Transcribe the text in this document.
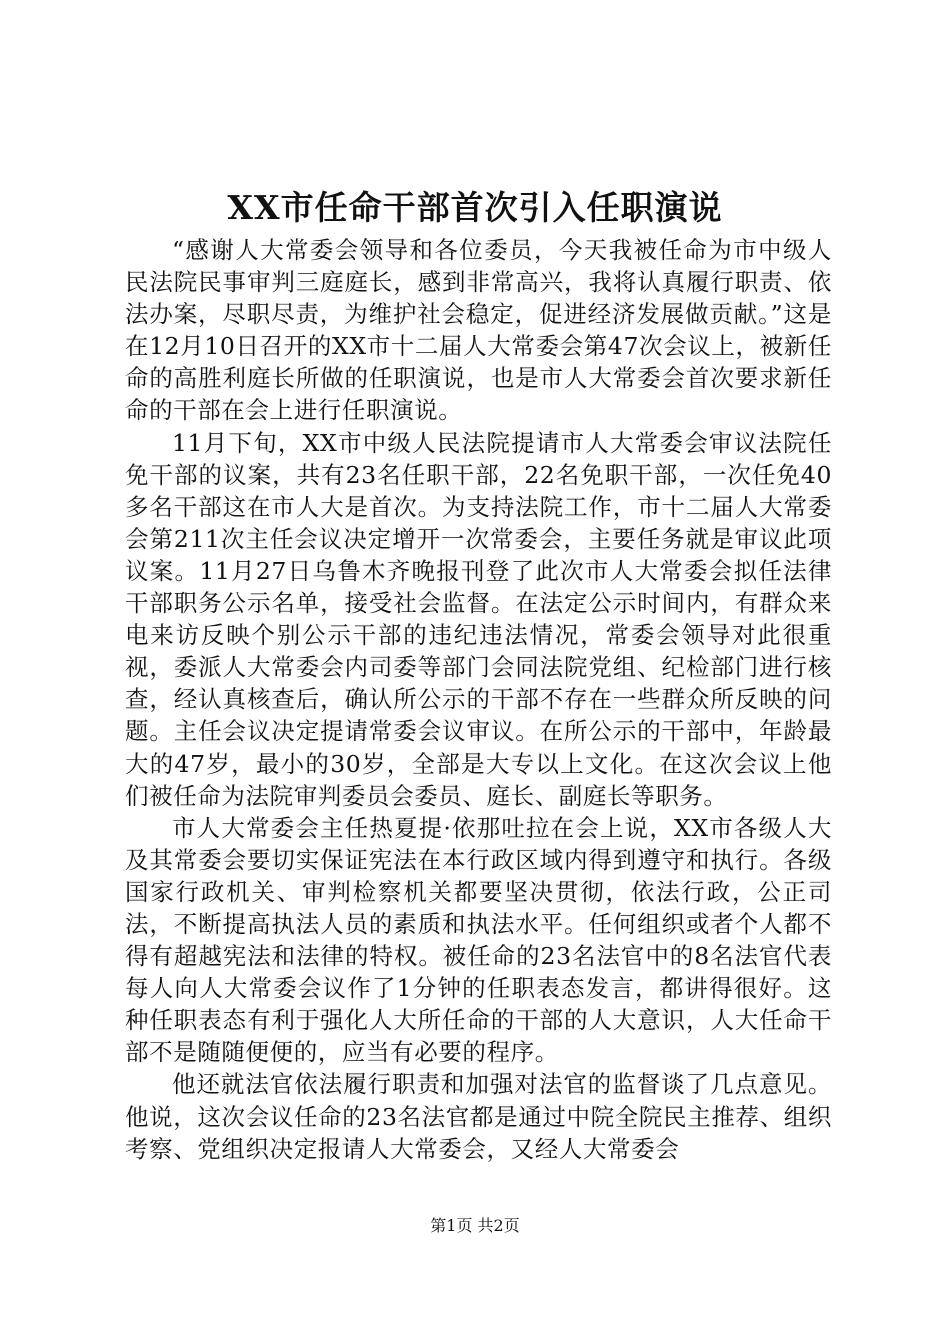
XX市任命干部首次引入任职演说

“感谢人大常委会领导和各位委员，今天我被任命为市中级人民法院民事审判三庭庭长，感到非常高兴，我将认真履行职责、依法办案，尽职尽责，为维护社会稳定，促进经济发展做贡献。”这是在12月10日召开的XX市十二届人大常委会第47次会议上，被新任命的高胜利庭长所做的任职演说，也是市人大常委会首次要求新任命的干部在会上进行任职演说。

11月下旬，XX市中级人民法院提请市人大常委会审议法院任免干部的议案，共有23名任职干部，22名免职干部，一次任免40多名干部这在市人大是首次。为支持法院工作，市十二届人大常委会第211次主任会议决定增开一次常委会，主要任务就是审议此项议案。11月27日乌鲁木齐晚报刊登了此次市人大常委会拟任法律干部职务公示名单，接受社会监督。在法定公示时间内，有群众来电来访反映个别公示干部的违纪违法情况，常委会领导对此很重视，委派人大常委会内司委等部门会同法院党组、纪检部门进行核查，经认真核查后，确认所公示的干部不存在一些群众所反映的问题。主任会议决定提请常委会议审议。在所公示的干部中，年龄最大的47岁，最小的30岁，全部是大专以上文化。在这次会议上他们被任命为法院审判委员会委员、庭长、副庭长等职务。

市人大常委会主任热夏提·依那吐拉在会上说，XX市各级人大及其常委会要切实保证宪法在本行政区域内得到遵守和执行。各级国家行政机关、审判检察机关都要坚决贯彻，依法行政，公正司法，不断提高执法人员的素质和执法水平。任何组织或者个人都不得有超越宪法和法律的特权。被任命的23名法官中的8名法官代表每人向人大常委会议作了1分钟的任职表态发言，都讲得很好。这种任职表态有利于强化人大所任命的干部的人大意识，人大任命干部不是随随便便的，应当有必要的程序。

他还就法官依法履行职责和加强对法官的监督谈了几点意见。他说，这次会议任命的23名法官都是通过中院全院民主推荐、组织考察、党组织决定报请人大常委会，又经人大常委会

第1页 共2页
